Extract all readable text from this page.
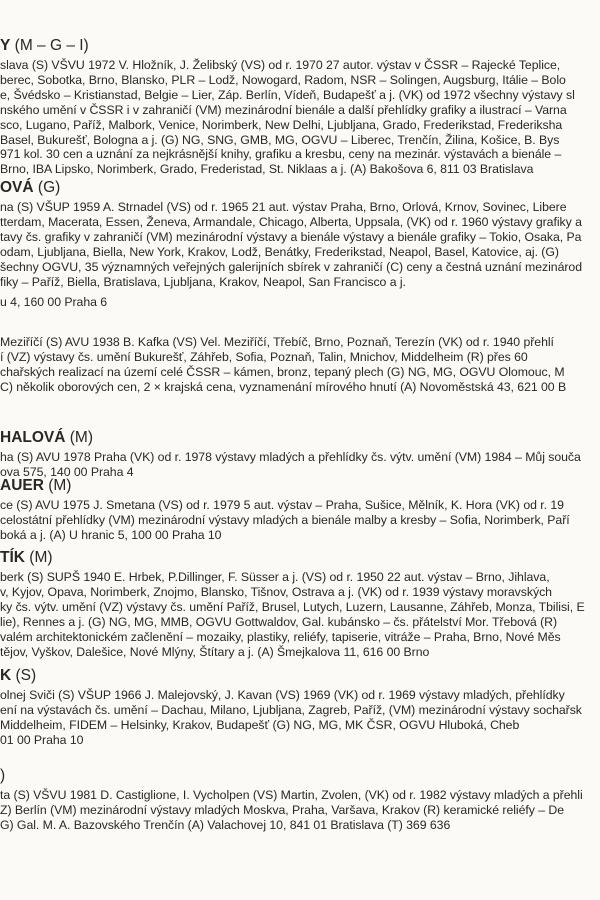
Y (M – G – I)
slava (S) VŠVU 1972 V. Hložník, J. Želibský (VS) od r. 1970 27 autor. výstav v ČSSR – Rajecké Teplice,
berec, Sobotka, Brno, Blansko, PLR – Lodž, Nowogard, Radom, NSR – Solingen, Augsburg, Itálie – Bolo
e, Švédsko – Kristianstad, Belgie – Lier, Záp. Berlín, Vídeň, Budapešť a j. (VK) od 1972 všechny výstavy sl
nského umění v ČSSR i v zahraničí (VM) mezinárodní bienále a další přehlídky grafiky a ilustrací – Varna
sco, Lugano, Paříž, Malbork, Venice, Norimberk, New Delhi, Ljubljana, Grado, Frederikstad, Frederiksha
Basel, Bukurešť, Bologna a j. (G) NG, SNG, GMB, MG, OGVU – Liberec, Trenčín, Žilina, Košice, B. Bys
971 kol. 30 cen a uznání za nejkrásnější knihy, grafiku a kresbu, ceny na mezinár. výstavách a bienále –
Brno, IBA Lipsko, Norimberk, Grado, Frederistad, St. Niklaas a j. (A) Bakošova 6, 811 03 Bratislava
OVÁ (G)
na (S) VŠUP 1959 A. Strnadel (VS) od r. 1965 21 aut. výstav Praha, Brno, Orlová, Krnov, Sovinec, Libere
tterdam, Macerata, Essen, Ženeva, Armandale, Chicago, Alberta, Uppsala, (VK) od r. 1960 výstavy grafiky a
tavy čs. grafiky v zahraničí (VM) mezinárodní výstavy a bienále výstavy a bienále grafiky – Tokio, Osaka, Pa
odam, Ljubljana, Biella, New York, Krakov, Lodž, Benátky, Frederikstad, Neapol, Basel, Katovice, aj. (G)
šechny OGVU, 35 významných veřejných galerijních sbírek v zahraničí (C) ceny a čestná uznání mezinárod
fiky – Paříž, Biella, Bratislava, Ljubljana, Krakov, Neapol, San Francisco a j.
u 4, 160 00 Praha 6
Meziříčí (S) AVU 1938 B. Kafka (VS) Vel. Meziříčí, Třebíč, Brno, Poznaň, Terezín (VK) od r. 1940 přehlí
í (VZ) výstavy čs. umění Bukurešť, Záhřeb, Sofia, Poznaň, Talin, Mnichov, Middelheim (R) přes 60
chařských realizací na území celé ČSSR – kámen, bronz, tepaný plech (G) NG, MG, OGVU Olomouc, M
C) několik oborových cen, 2 × krajská cena, vyznamenání mírového hnutí (A) Novoměstská 43, 621 00 B
HALOVÁ (M)
ha (S) AVU 1978 Praha (VK) od r. 1978 výstavy mladých a přehlídky čs. výtv. umění (VM) 1984 – Můj souča
ova 575, 140 00 Praha 4
AUER (M)
ce (S) AVU 1975 J. Smetana (VS) od r. 1979 5 aut. výstav – Praha, Sušice, Mělník, K. Hora (VK) od r. 19
celostátní přehlídky (VM) mezinárodní výstavy mladých a bienále malby a kresby – Sofia, Norimberk, Paří
boká a j. (A) U hranic 5, 100 00 Praha 10
TÍK (M)
berk (S) SUPŠ 1940 E. Hrbek, P.Dillinger, F. Süsser a j. (VS) od r. 1950 22 aut. výstav – Brno, Jihlava,
v, Kyjov, Opava, Norimberk, Znojmo, Blansko, Tišnov, Ostrava a j. (VK) od r. 1939 výstavy moravských
ky čs. výtv. umění (VZ) výstavy čs. umění Paříž, Brusel, Lutych, Luzern, Lausanne, Záhřeb, Monza, Tbilisi, E
lie), Rennes a j. (G) NG, MG, MMB, OGVU Gottwaldov, Gal. kubánsko – čs. přátelství Mor. Třebová (R)
valém architektonickém začlenění – mozaiky, plastiky, reliéfy, tapiserie, vitráže – Praha, Brno, Nové Měs
tějov, Vyškov, Dalešice, Nové Mlýny, Štítary a j. (A) Šmejkalova 11, 616 00 Brno
K (S)
olnej Sviči (S) VŠUP 1966 J. Malejovský, J. Kavan (VS) 1969 (VK) od r. 1969 výstavy mladých, přehlídky
ení na výstavách čs. umění – Dachau, Milano, Ljubljana, Zagreb, Paříž, (VM) mezinárodní výstavy sochařsk
Middelheim, FIDEM – Helsinky, Krakov, Budapešť (G) NG, MG, MK ČSR, OGVU Hluboká, Cheb
01 00 Praha 10
)
ta (S) VŠVU 1981 D. Castiglione, I. Vycholpen (VS) Martin, Zvolen, (VK) od r. 1982 výstavy mladých a přehli
Z) Berlín (VM) mezinárodní výstavy mladých Moskva, Praha, Varšava, Krakov (R) keramické reliéfy – De
G) Gal. M. A. Bazovského Trenčín (A) Valachovej 10, 841 01 Bratislava (T) 369 636
